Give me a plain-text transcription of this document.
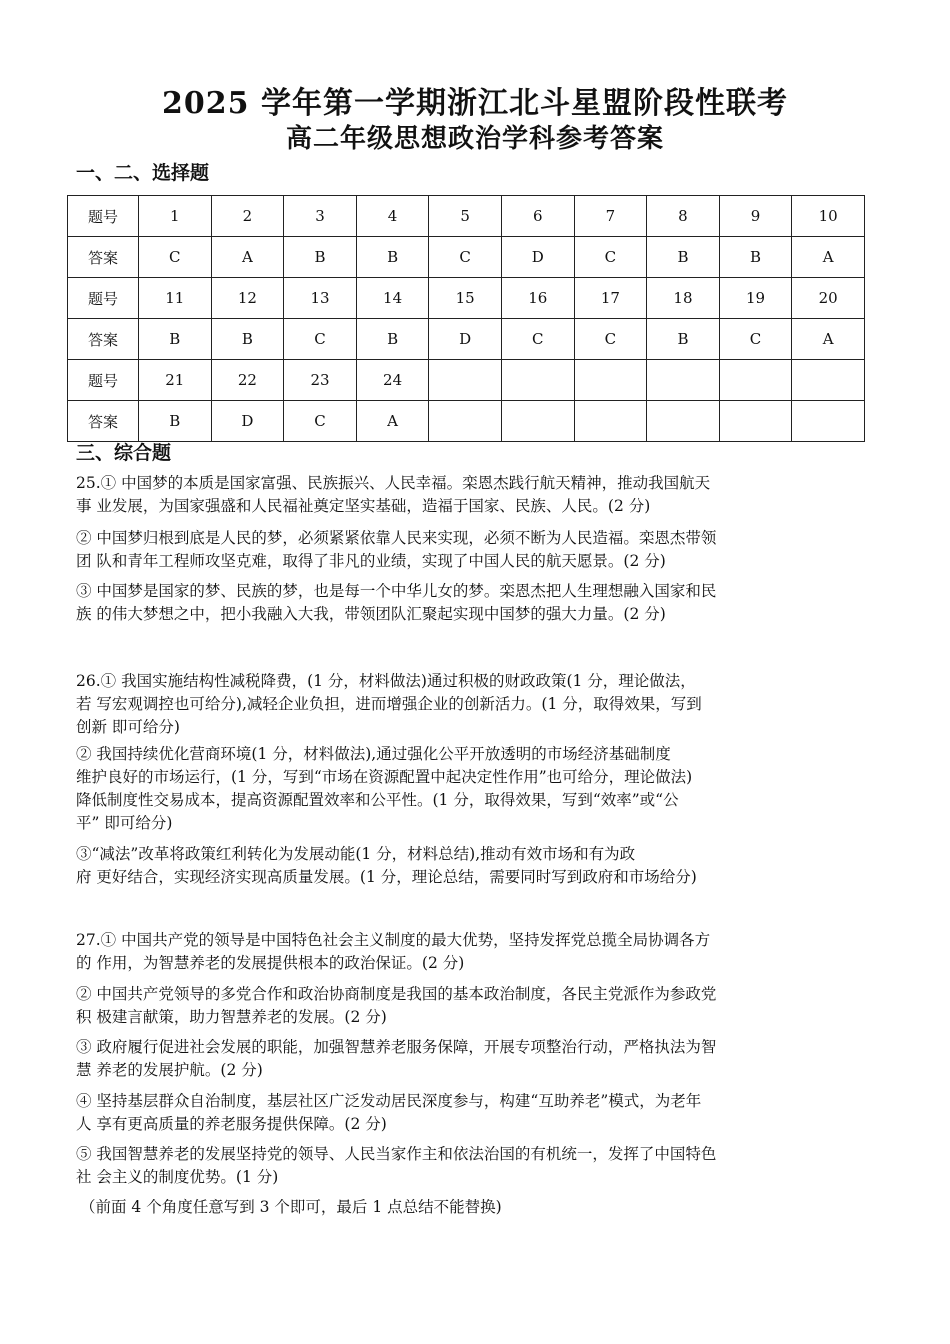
2025 学年第一学期浙江北斗星盟阶段性联考
高二年级思想政治学科参考答案
一、二、选择题
题号	1	2	3	4	5	6	7	8	9	10
答案	C	A	B	B	C	D	C	B	B	A
题号	11	12	13	14	15	16	17	18	19	20
答案	B	B	C	B	D	C	C	B	C	A
题号	21	22	23	24						
答案	B	D	C	A						
三、综合题
25.① 中国梦的本质是国家富强、民族振兴、人民幸福。栾恩杰践行航天精神，推动我国航天
事 业发展，为国家强盛和人民福祉奠定坚实基础，造福于国家、民族、人民。(2 分)
② 中国梦归根到底是人民的梦，必须紧紧依靠人民来实现，必须不断为人民造福。栾恩杰带领
团 队和青年工程师攻坚克难，取得了非凡的业绩，实现了中国人民的航天愿景。(2 分)
③ 中国梦是国家的梦、民族的梦，也是每一个中华儿女的梦。栾恩杰把人生理想融入国家和民
族 的伟大梦想之中，把小我融入大我，带领团队汇聚起实现中国梦的强大力量。(2 分)
26.① 我国实施结构性减税降费，(1 分，材料做法)通过积极的财政政策(1 分，理论做法，
若 写宏观调控也可给分),减轻企业负担，进而增强企业的创新活力。(1 分，取得效果，写到
创新 即可给分)
② 我国持续优化营商环境(1 分，材料做法),通过强化公平开放透明的市场经济基础制度
维护良好的市场运行，(1 分，写到“市场在资源配置中起决定性作用”也可给分，理论做法)
降低制度性交易成本，提高资源配置效率和公平性。(1 分，取得效果，写到“效率”或“公
平” 即可给分)
③“减法”改革将政策红利转化为发展动能(1 分，材料总结),推动有效市场和有为政
府 更好结合，实现经济实现高质量发展。(1 分，理论总结，需要同时写到政府和市场给分)
27.① 中国共产党的领导是中国特色社会主义制度的最大优势，坚持发挥党总揽全局协调各方
的 作用，为智慧养老的发展提供根本的政治保证。(2 分)
② 中国共产党领导的多党合作和政治协商制度是我国的基本政治制度，各民主党派作为参政党
积 极建言献策，助力智慧养老的发展。(2 分)
③ 政府履行促进社会发展的职能，加强智慧养老服务保障，开展专项整治行动，严格执法为智
慧 养老的发展护航。(2 分)
④ 坚持基层群众自治制度，基层社区广泛发动居民深度参与，构建“互助养老”模式，为老年
人 享有更高质量的养老服务提供保障。(2 分)
⑤ 我国智慧养老的发展坚持党的领导、人民当家作主和依法治国的有机统一，发挥了中国特色
社 会主义的制度优势。(1 分)
（前面 4 个角度任意写到 3 个即可，最后 1 点总结不能替换)
